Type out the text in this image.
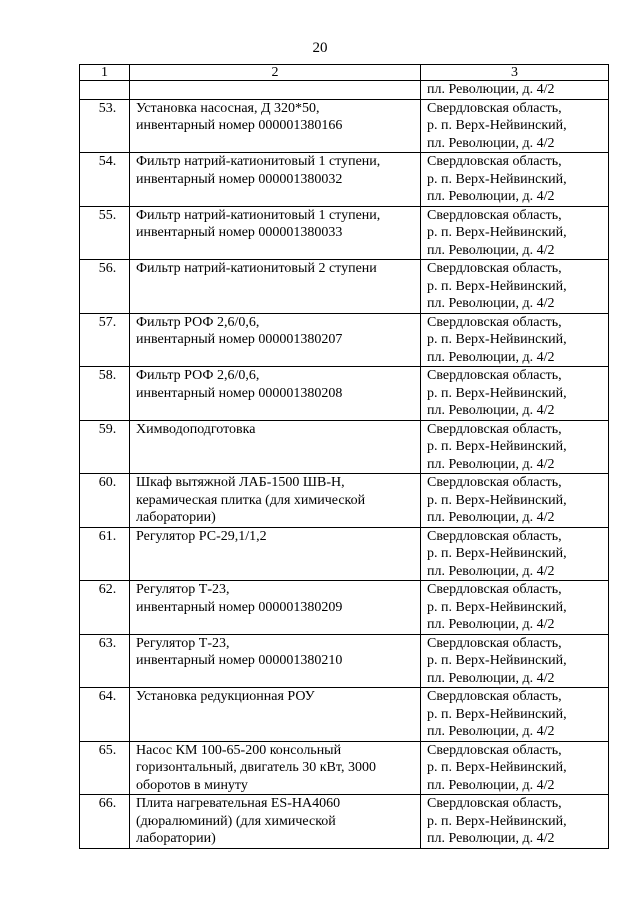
20
1	2	3
		пл. Революции, д. 4/2
53.	Установка насосная, Д 320*50,
инвентарный номер 000001380166	Свердловская область,
р. п. Верх-Нейвинский,
пл. Революции, д. 4/2

54.	Фильтр натрий-катионитовый 1 ступени,
инвентарный номер 000001380032	Свердловская область,
р. п. Верх-Нейвинский,
пл. Революции, д. 4/2

55.	Фильтр натрий-катионитовый 1 ступени,
инвентарный номер 000001380033	Свердловская область,
р. п. Верх-Нейвинский,
пл. Революции, д. 4/2

56.	Фильтр натрий-катионитовый 2 ступени	Свердловская область,
р. п. Верх-Нейвинский,
пл. Революции, д. 4/2

57.	Фильтр РОФ 2,6/0,6,
инвентарный номер 000001380207	Свердловская область,
р. п. Верх-Нейвинский,
пл. Революции, д. 4/2

58.	Фильтр РОФ 2,6/0,6,
инвентарный номер 000001380208	Свердловская область,
р. п. Верх-Нейвинский,
пл. Революции, д. 4/2

59.	Химводоподготовка	Свердловская область,
р. п. Верх-Нейвинский,
пл. Революции, д. 4/2

60.	Шкаф вытяжной ЛАБ-1500 ШВ-Н,
керамическая плитка (для химической
лаборатории)	Свердловская область,
р. п. Верх-Нейвинский,
пл. Революции, д. 4/2

61.	Регулятор РС-29,1/1,2	Свердловская область,
р. п. Верх-Нейвинский,
пл. Революции, д. 4/2

62.	Регулятор Т-23,
инвентарный номер 000001380209	Свердловская область,
р. п. Верх-Нейвинский,
пл. Революции, д. 4/2

63.	Регулятор Т-23,
инвентарный номер 000001380210	Свердловская область,
р. п. Верх-Нейвинский,
пл. Революции, д. 4/2

64.	Установка редукционная РОУ	Свердловская область,
р. п. Верх-Нейвинский,
пл. Революции, д. 4/2

65.	Насос КМ 100-65-200 консольный
горизонтальный, двигатель 30 кВт, 3000
оборотов в минуту	Свердловская область,
р. п. Верх-Нейвинский,
пл. Революции, д. 4/2

66.	Плита нагревательная ES-HA4060
(дюралюминий) (для химической
лаборатории)	Свердловская область,
р. п. Верх-Нейвинский,
пл. Революции, д. 4/2
